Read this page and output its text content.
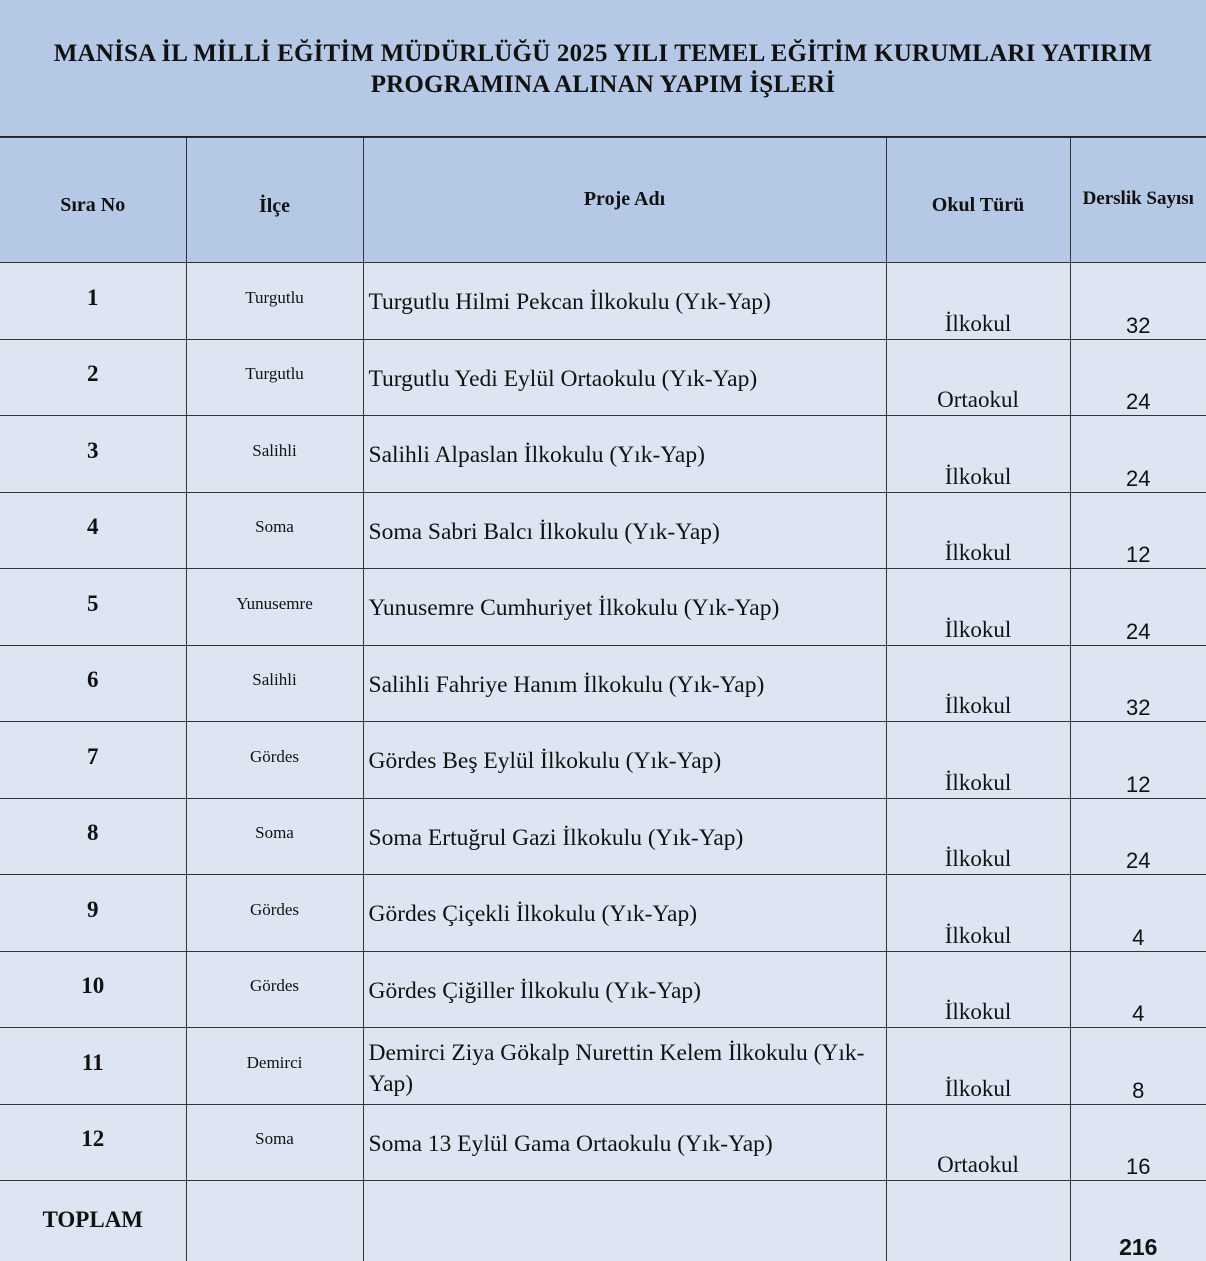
MANİSA İL MİLLİ EĞİTİM MÜDÜRLÜĞÜ 2025 YILI TEMEL EĞİTİM KURUMLARI YATIRIM
PROGRAMINA ALINAN YAPIM İŞLERİ
Sıra No	İlçe	Proje Adı	Okul Türü	Derslik Sayısı
1	Turgutlu	Turgutlu Hilmi Pekcan İlkokulu (Yık-Yap)	İlkokul	32
2	Turgutlu	Turgutlu Yedi Eylül Ortaokulu (Yık-Yap)	Ortaokul	24
3	Salihli	Salihli Alpaslan İlkokulu (Yık-Yap)	İlkokul	24
4	Soma	Soma Sabri Balcı İlkokulu (Yık-Yap)	İlkokul	12
5	Yunusemre	Yunusemre Cumhuriyet İlkokulu (Yık-Yap)	İlkokul	24
6	Salihli	Salihli Fahriye Hanım İlkokulu (Yık-Yap)	İlkokul	32
7	Gördes	Gördes Beş Eylül İlkokulu (Yık-Yap)	İlkokul	12
8	Soma	Soma Ertuğrul Gazi İlkokulu (Yık-Yap)	İlkokul	24
9	Gördes	Gördes Çiçekli İlkokulu (Yık-Yap)	İlkokul	4
10	Gördes	Gördes Çiğiller İlkokulu (Yık-Yap)	İlkokul	4
11	Demirci	Demirci Ziya Gökalp Nurettin Kelem İlkokulu (Yık-Yap)	İlkokul	8
12	Soma	Soma 13 Eylül Gama Ortaokulu (Yık-Yap)	Ortaokul	16
TOPLAM				216
